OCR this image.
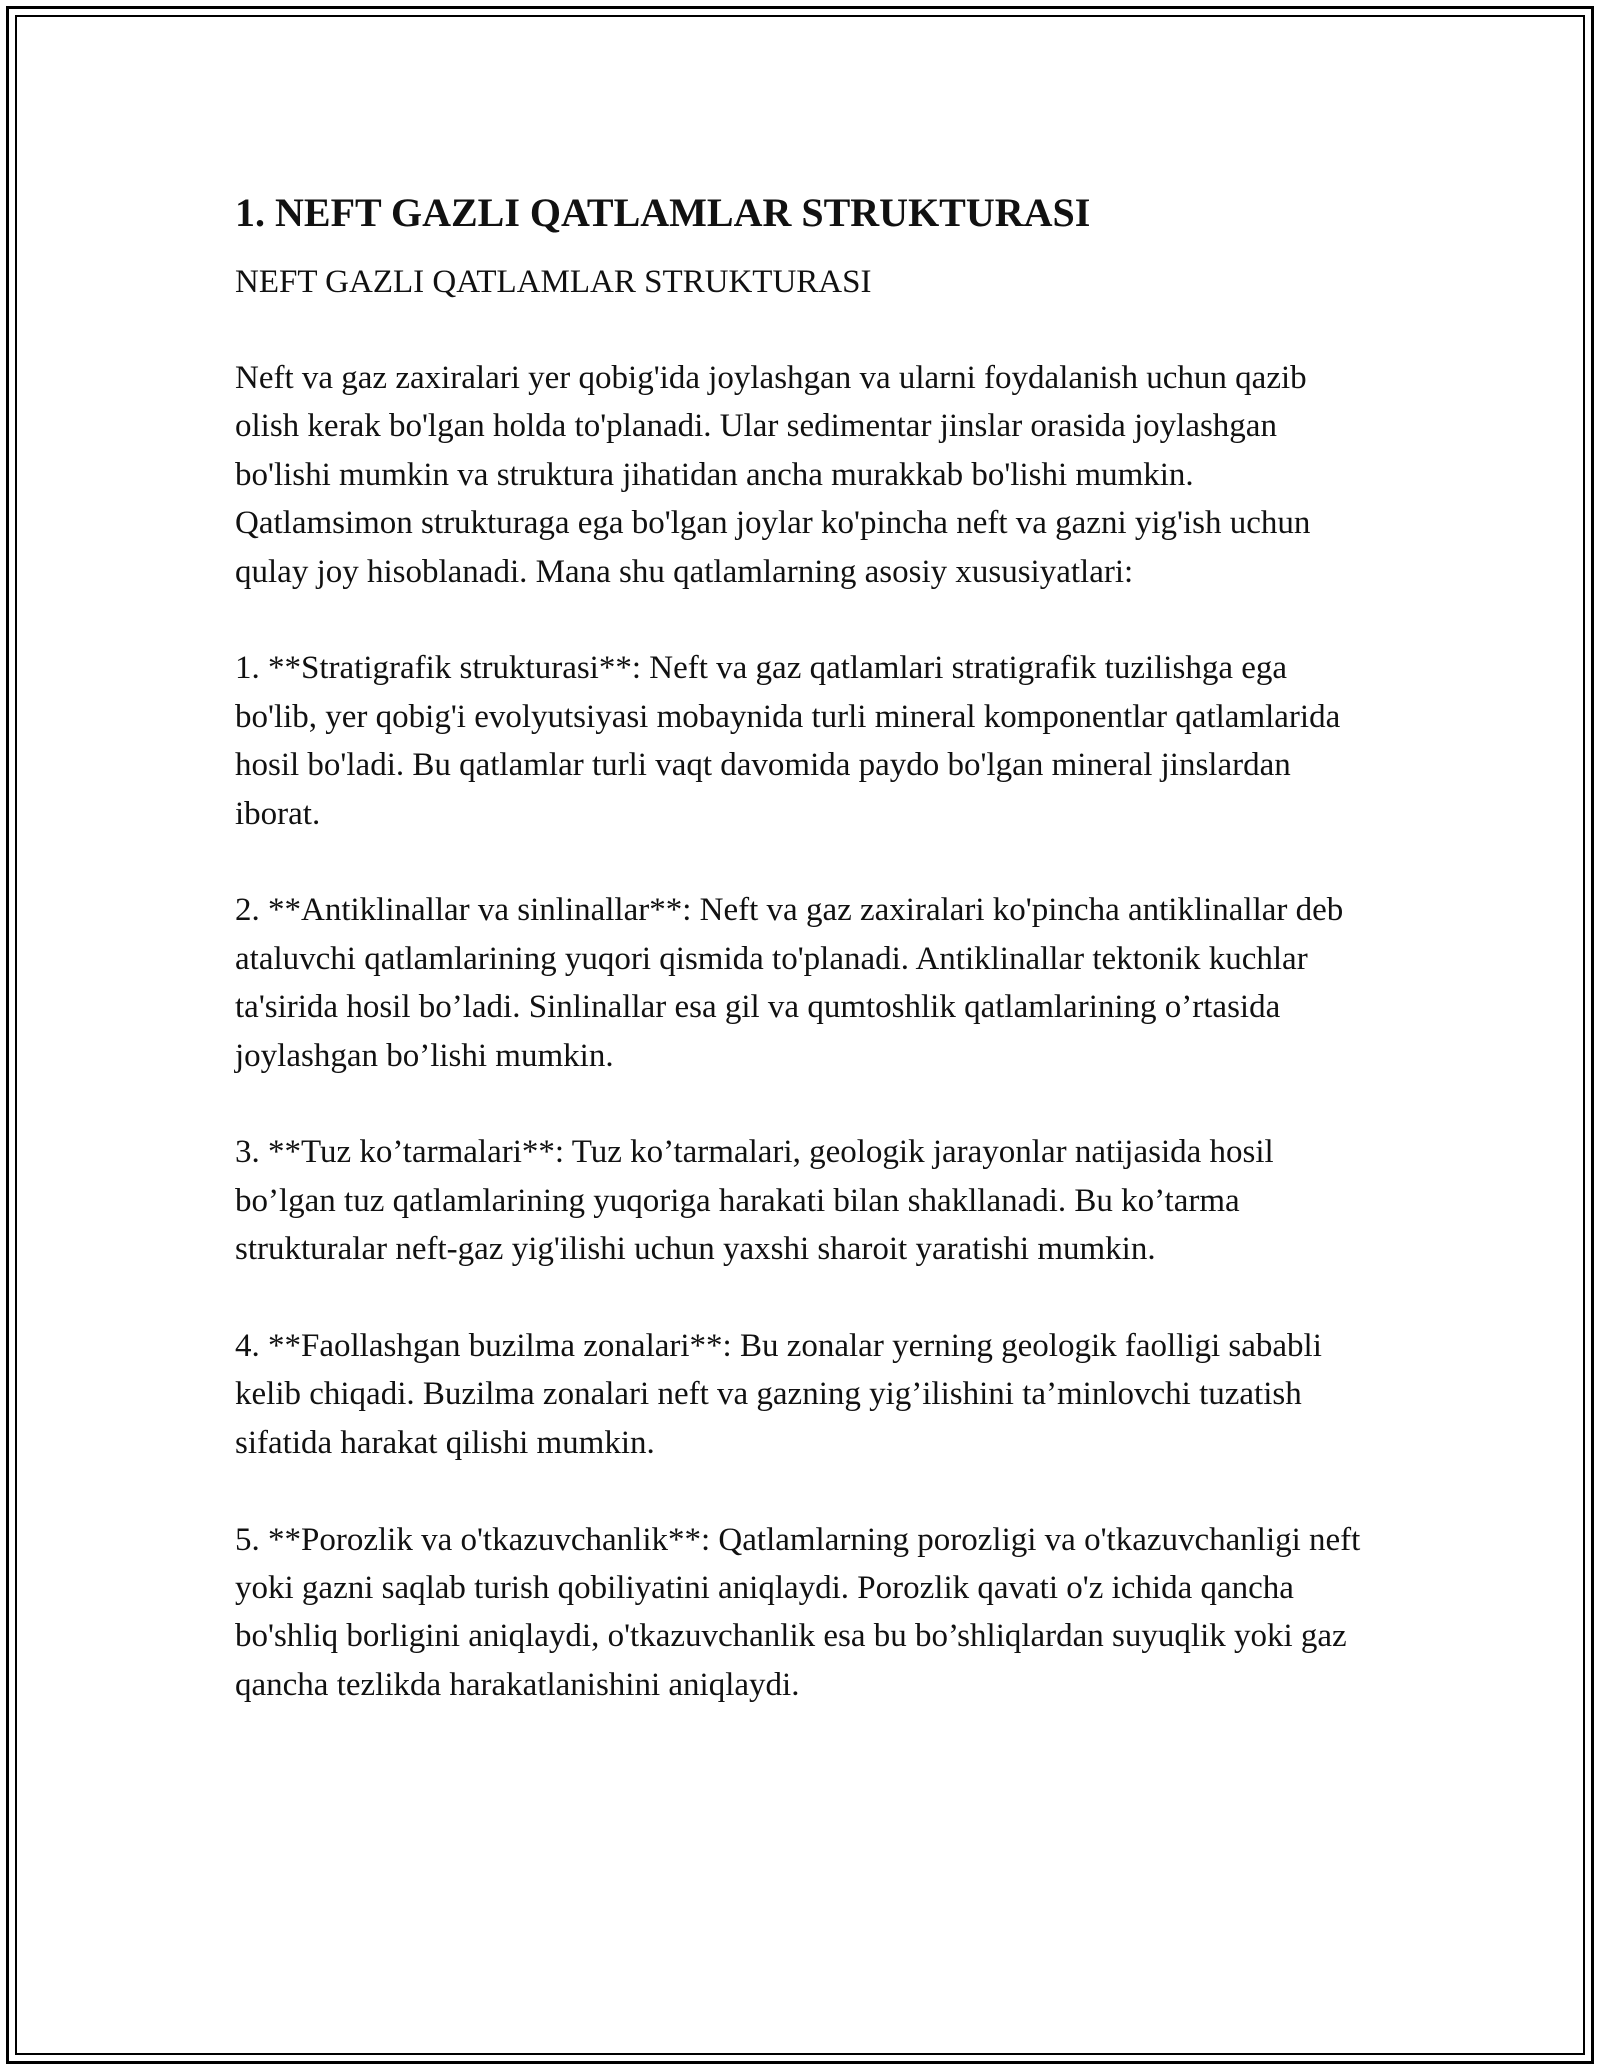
1. NEFT GAZLI QATLAMLAR STRUKTURASI
NEFT GAZLI QATLAMLAR STRUKTURASI

Neft va gaz zaxiralari yer qobig'ida joylashgan va ularni foydalanish uchun qazib olish kerak bo'lgan holda to'planadi. Ular sedimentar jinslar orasida joylashgan bo'lishi mumkin va struktura jihatidan ancha murakkab bo'lishi mumkin. Qatlamsimon strukturaga ega bo'lgan joylar ko'pincha neft va gazni yig'ish uchun qulay joy hisoblanadi. Mana shu qatlamlarning asosiy xususiyatlari:

1. **Stratigrafik strukturasi**: Neft va gaz qatlamlari stratigrafik tuzilishga ega bo'lib, yer qobig'i evolyutsiyasi mobaynida turli mineral komponentlar qatlamlarida hosil bo'ladi. Bu qatlamlar turli vaqt davomida paydo bo'lgan mineral jinslardan iborat.

2. **Antiklinallar va sinlinallar**: Neft va gaz zaxiralari ko'pincha antiklinallar deb ataluvchi qatlamlarining yuqori qismida to'planadi. Antiklinallar tektonik kuchlar ta'sirida hosil bo’ladi. Sinlinallar esa gil va qumtoshlik qatlamlarining o’rtasida joylashgan bo’lishi mumkin.

3. **Tuz ko’tarmalari**: Tuz ko’tarmalari, geologik jarayonlar natijasida hosil bo’lgan tuz qatlamlarining yuqoriga harakati bilan shakllanadi. Bu ko’tarma strukturalar neft-gaz yig'ilishi uchun yaxshi sharoit yaratishi mumkin.

4. **Faollashgan buzilma zonalari**: Bu zonalar yerning geologik faolligi sababli kelib chiqadi. Buzilma zonalari neft va gazning yig’ilishini ta’minlovchi tuzatish sifatida harakat qilishi mumkin.

5. **Porozlik va o'tkazuvchanlik**: Qatlamlarning porozligi va o'tkazuvchanligi neft yoki gazni saqlab turish qobiliyatini aniqlaydi. Porozlik qavati o'z ichida qancha bo'shliq borligini aniqlaydi, o'tkazuvchanlik esa bu bo’shliqlardan suyuqlik yoki gaz qancha tezlikda harakatlanishini aniqlaydi.
